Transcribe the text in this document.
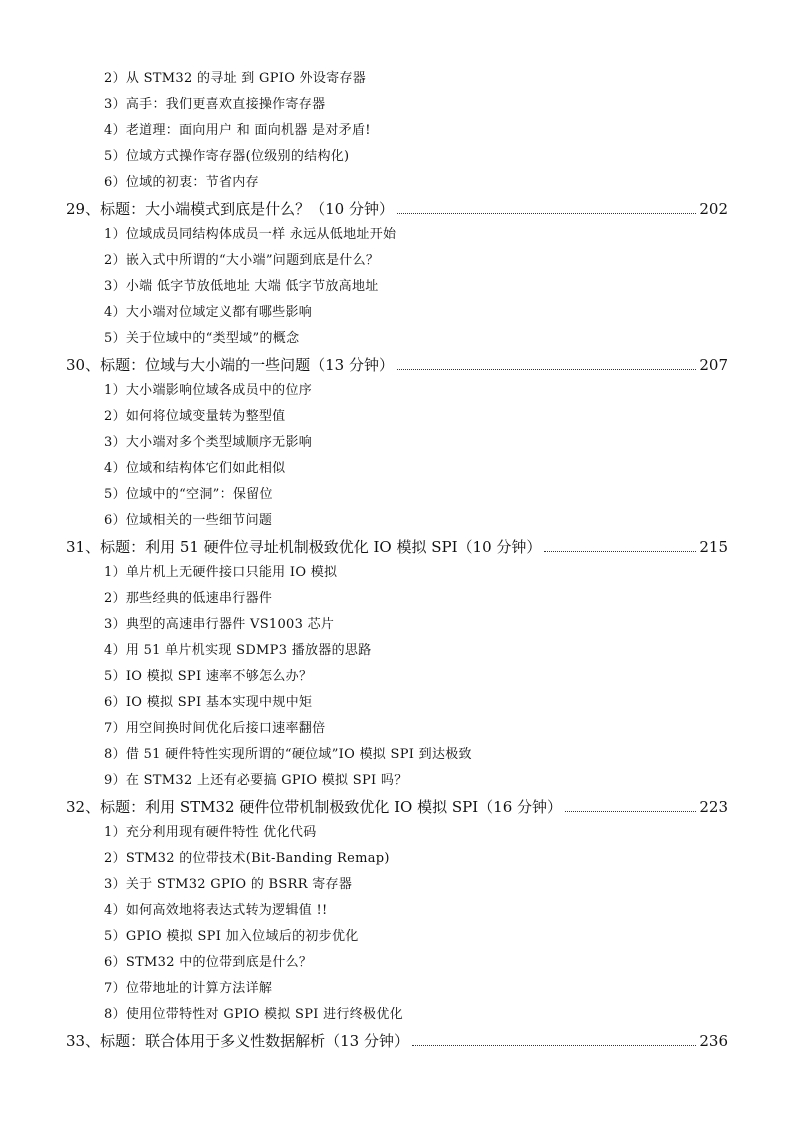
2）从 STM32 的寻址 到 GPIO 外设寄存器
3）高手：我们更喜欢直接操作寄存器
4）老道理：面向用户 和 面向机器 是对矛盾!
5）位域方式操作寄存器(位级别的结构化)
6）位域的初衷：节省内存
29、标题：大小端模式到底是什么？（10 分钟）	202
1）位域成员同结构体成员一样 永远从低地址开始
2）嵌入式中所谓的“大小端”问题到底是什么？
3）小端 低字节放低地址 大端 低字节放高地址
4）大小端对位域定义都有哪些影响
5）关于位域中的“类型域”的概念
30、标题：位域与大小端的一些问题（13 分钟）	207
1）大小端影响位域各成员中的位序
2）如何将位域变量转为整型值
3）大小端对多个类型域顺序无影响
4）位域和结构体它们如此相似
5）位域中的“空洞”：保留位
6）位域相关的一些细节问题
31、标题：利用 51 硬件位寻址机制极致优化 IO 模拟 SPI（10 分钟）	215
1）单片机上无硬件接口只能用 IO 模拟
2）那些经典的低速串行器件
3）典型的高速串行器件 VS1003 芯片
4）用 51 单片机实现 SDMP3 播放器的思路
5）IO 模拟 SPI 速率不够怎么办？
6）IO 模拟 SPI 基本实现中规中矩
7）用空间换时间优化后接口速率翻倍
8）借 51 硬件特性实现所谓的“硬位域”IO 模拟 SPI 到达极致
9）在 STM32 上还有必要搞 GPIO 模拟 SPI 吗？
32、标题：利用 STM32 硬件位带机制极致优化 IO 模拟 SPI（16 分钟）	223
1）充分利用现有硬件特性 优化代码
2）STM32 的位带技术(Bit-Banding Remap)
3）关于 STM32 GPIO 的 BSRR 寄存器
4）如何高效地将表达式转为逻辑值 !!
5）GPIO 模拟 SPI 加入位域后的初步优化
6）STM32 中的位带到底是什么？
7）位带地址的计算方法详解
8）使用位带特性对 GPIO 模拟 SPI 进行终极优化
33、标题：联合体用于多义性数据解析（13 分钟）	236
